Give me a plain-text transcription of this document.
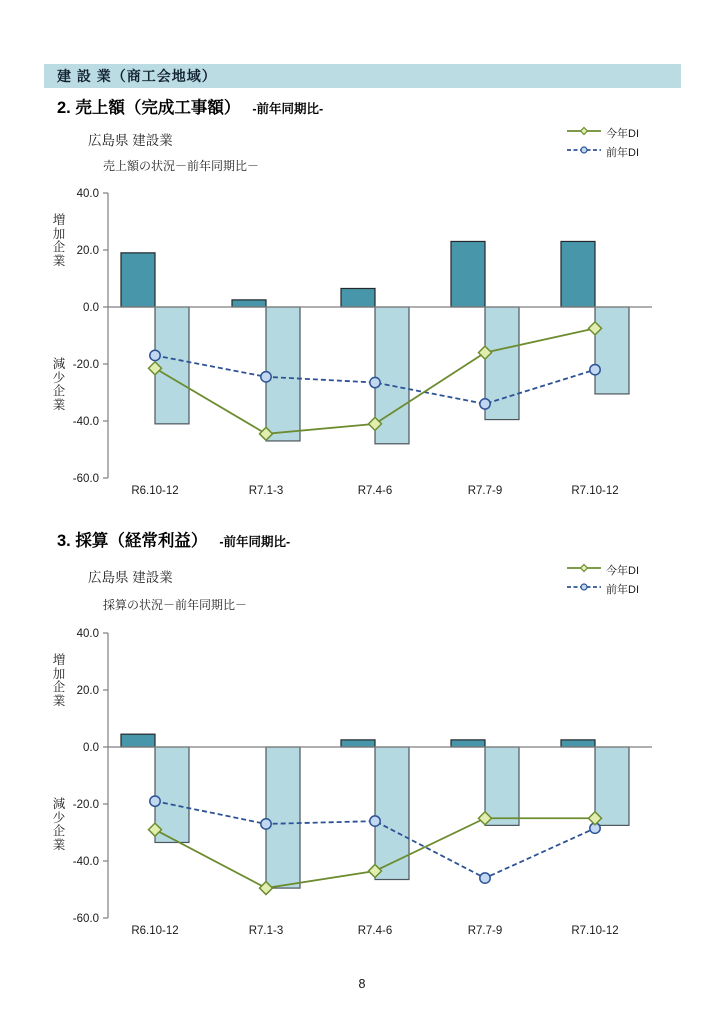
建 設 業（商工会地域）
2. 売上額（完成工事額） -前年同期比-
広島県 建設業	今年DI
前年DI
売上額の状況－前年同期比－
増
加
企
業
減
少
企
業
40.0
20.0
0.0
-20.0
-40.0
-60.0
R6.10-12	R7.1-3	R7.4-6	R7.7-9	R7.10-12
3. 採算（経常利益） -前年同期比-
広島県 建設業	今年DI
前年DI
採算の状況－前年同期比－
増
加
企
業
減
少
企
業
40.0
20.0
0.0
-20.0
-40.0
-60.0
R6.10-12	R7.1-3	R7.4-6	R7.7-9	R7.10-12
8
